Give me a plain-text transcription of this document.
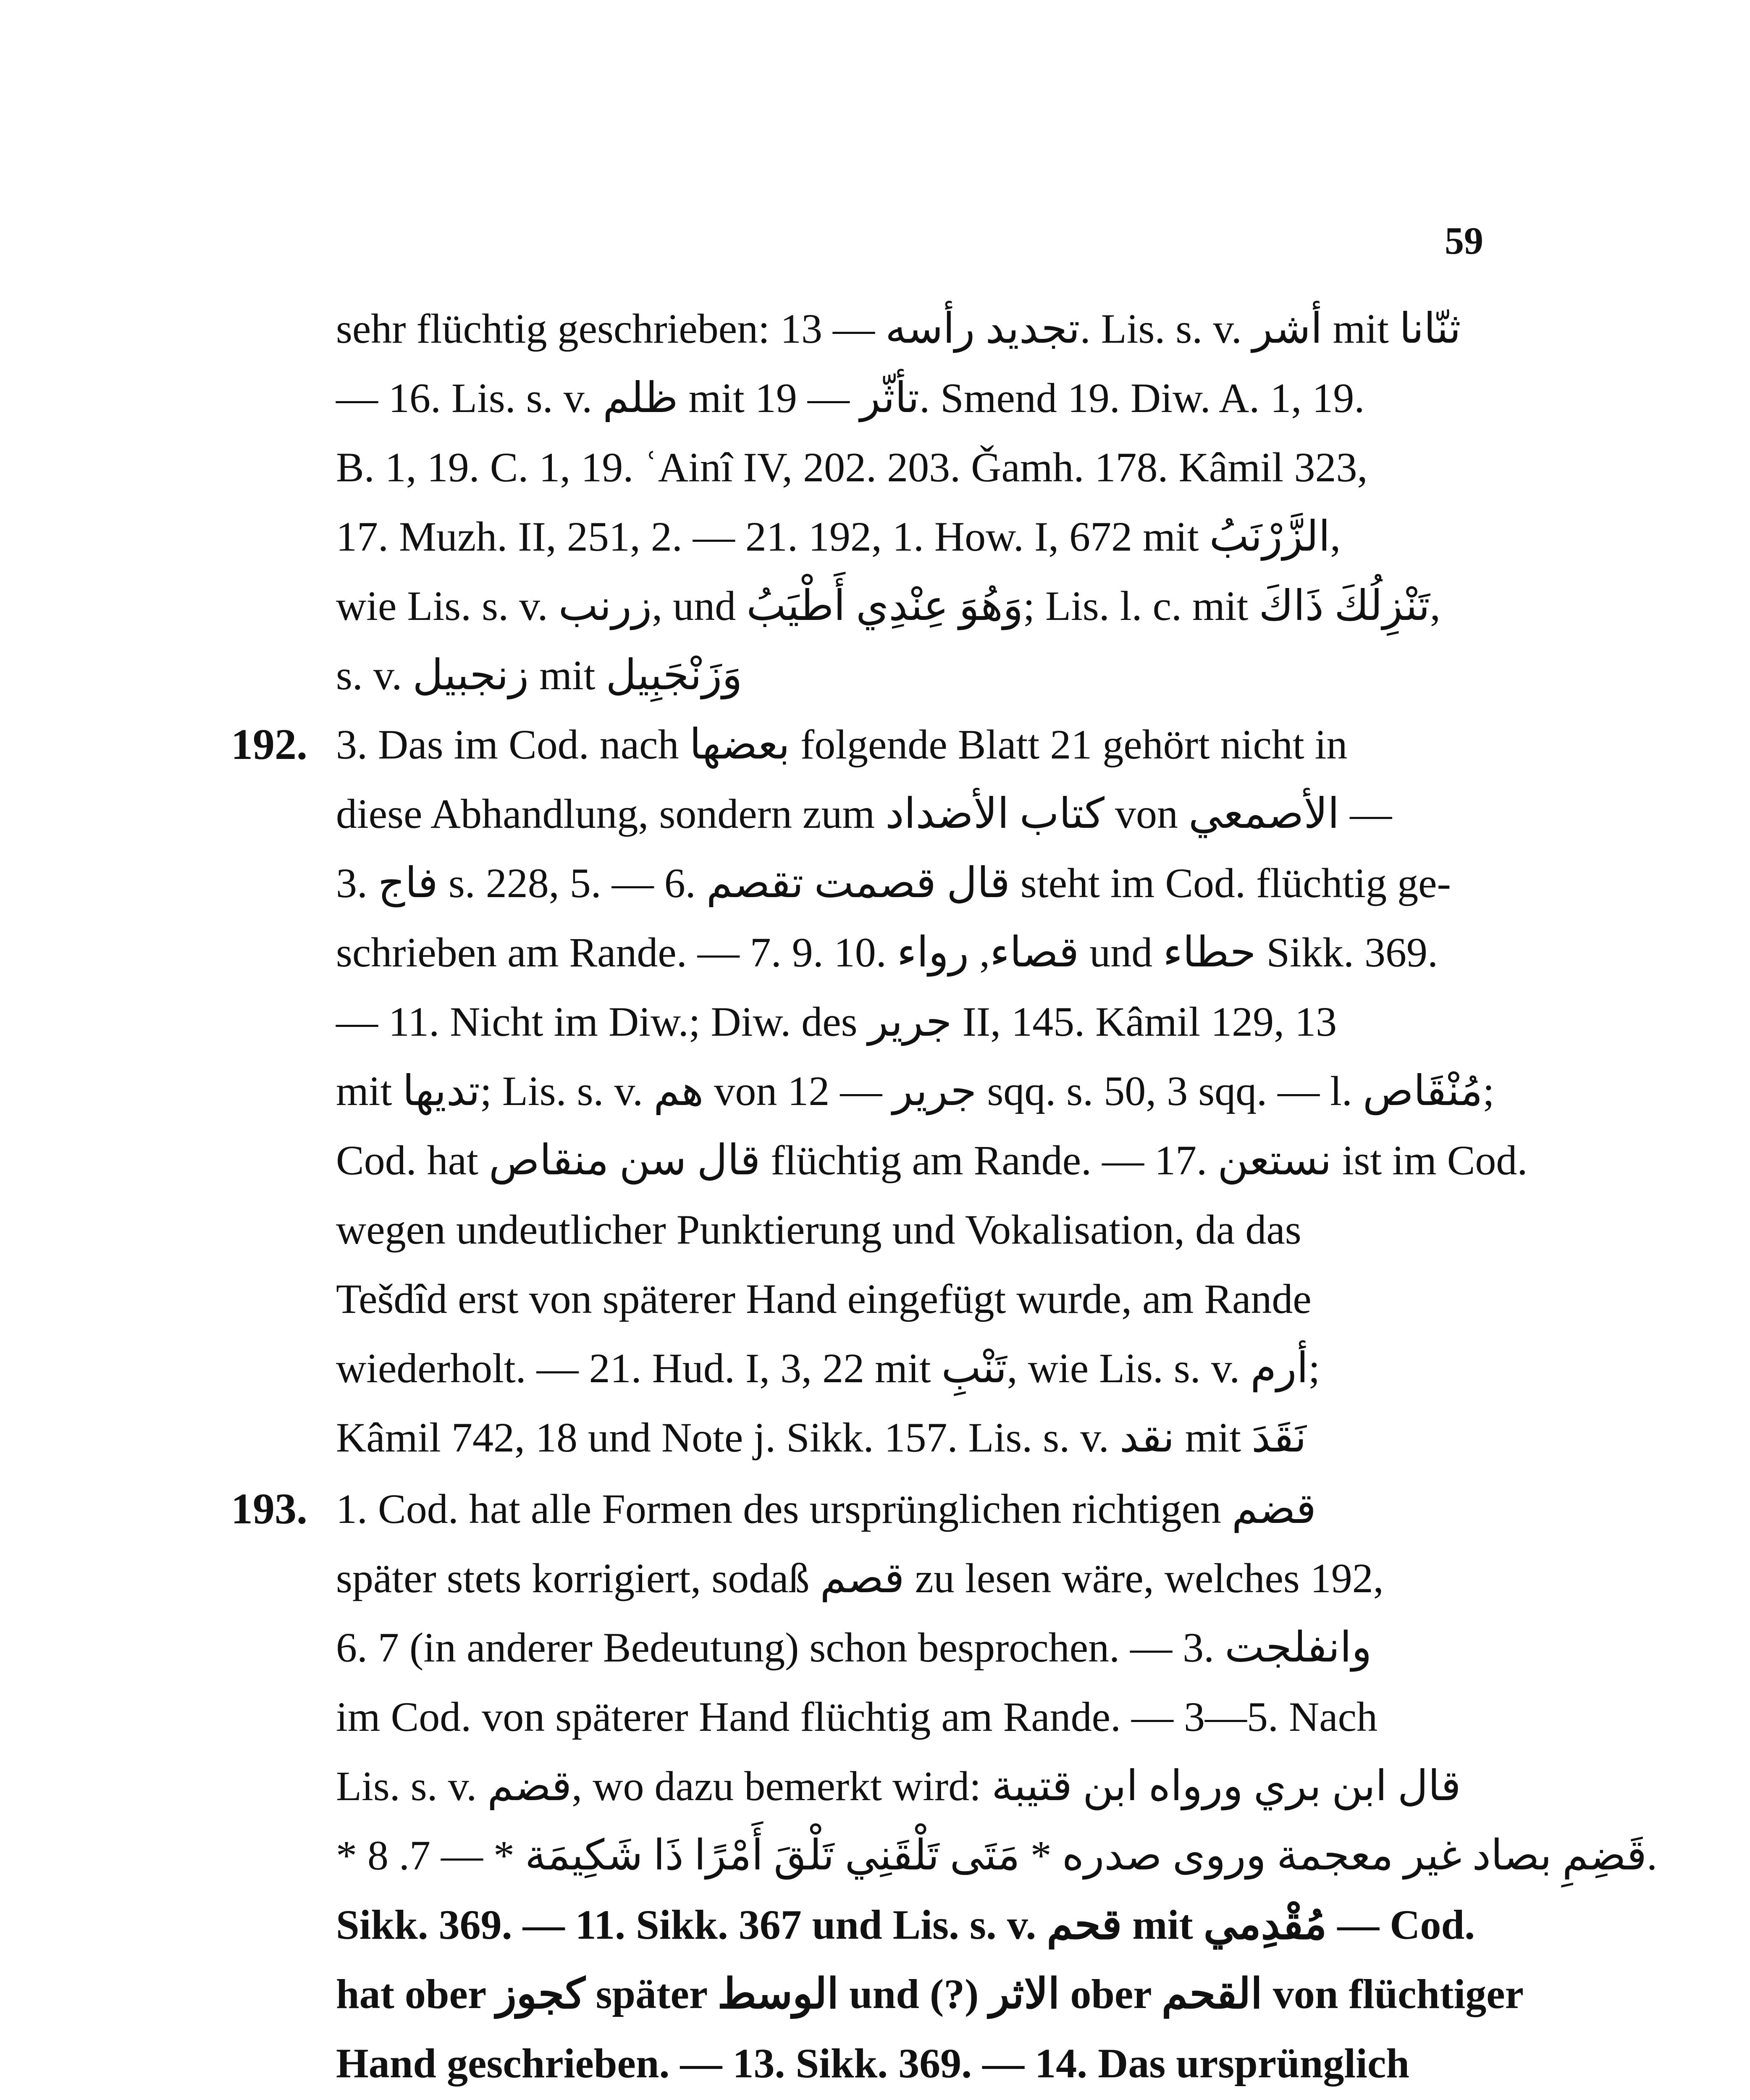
59
sehr flüchtig geschrieben: تجديد رأسه — 13. Lis. s. v. أشر mit ثنّانا
— 16. Lis. s. v. ظلم mit تأثّر — 19. Smend 19. Diw. A. 1, 19.
B. 1, 19. C. 1, 19. ʿAinî IV, 202. 203. Ǧamh. 178. Kâmil 323,
17. Muzh. II, 251, 2. — 21. 192, 1. How. I, 672 mit الزَّرْنَبُ,
wie Lis. s. v. زرنب, und وَهُوَ عِنْدِي أَطْيَبُ; Lis. l. c. mit تَنْزِلُكَ ذَاكَ,
s. v. زنجبيل mit وَزَنْجَبِيل
192. 3. Das im Cod. nach بعضها folgende Blatt 21 gehört nicht in
diese Abhandlung, sondern zum كتاب الأضداد von الأصمعي —
3. فاج s. 228, 5. — 6. قال قصمت تقصم steht im Cod. flüchtig ge-
schrieben am Rande. — 7. 9. 10. قصاء, رواء und حطاء Sikk. 369.
— 11. Nicht im Diw.; Diw. des جرير II, 145. Kâmil 129, 13
mit تديها; Lis. s. v. هم von جرير — 12 sqq. s. 50, 3 sqq. — l. مُنْقَاص;
Cod. hat قال سن منقاص flüchtig am Rande. — 17. نستعن ist im Cod.
wegen undeutlicher Punktierung und Vokalisation, da das
Tešdîd erst von späterer Hand eingefügt wurde, am Rande
wiederholt. — 21. Hud. I, 3, 22 mit تَنْبِ, wie Lis. s. v. أرم;
Kâmil 742, 18 und Note j. Sikk. 157. Lis. s. v. نقد mit نَقَدَ
193. 1. Cod. hat alle Formen des ursprünglichen richtigen قضم
später stets korrigiert, sodaß قصم zu lesen wäre, welches 192,
6. 7 (in anderer Bedeutung) schon besprochen. — 3. وانفلجت
im Cod. von späterer Hand flüchtig am Rande. — 3—5. Nach
Lis. s. v. قضم, wo dazu bemerkt wird: قال ابن بري ورواه ابن قتيبة
* قَضِمِ بصاد غير معجمة وروى صدره * مَتَى تَلْقَنِي تَلْقَ أَمْرًا ذَا شَكِيمَة * — 7. 8.
Sikk. 369. — 11. Sikk. 367 und Lis. s. v. قحم mit مُقْدِمي — Cod.
hat ober كجوز später الوسط und (?) الاثر ober القحم von flüchtiger
Hand geschrieben. — 13. Sikk. 369. — 14. Das ursprünglich
